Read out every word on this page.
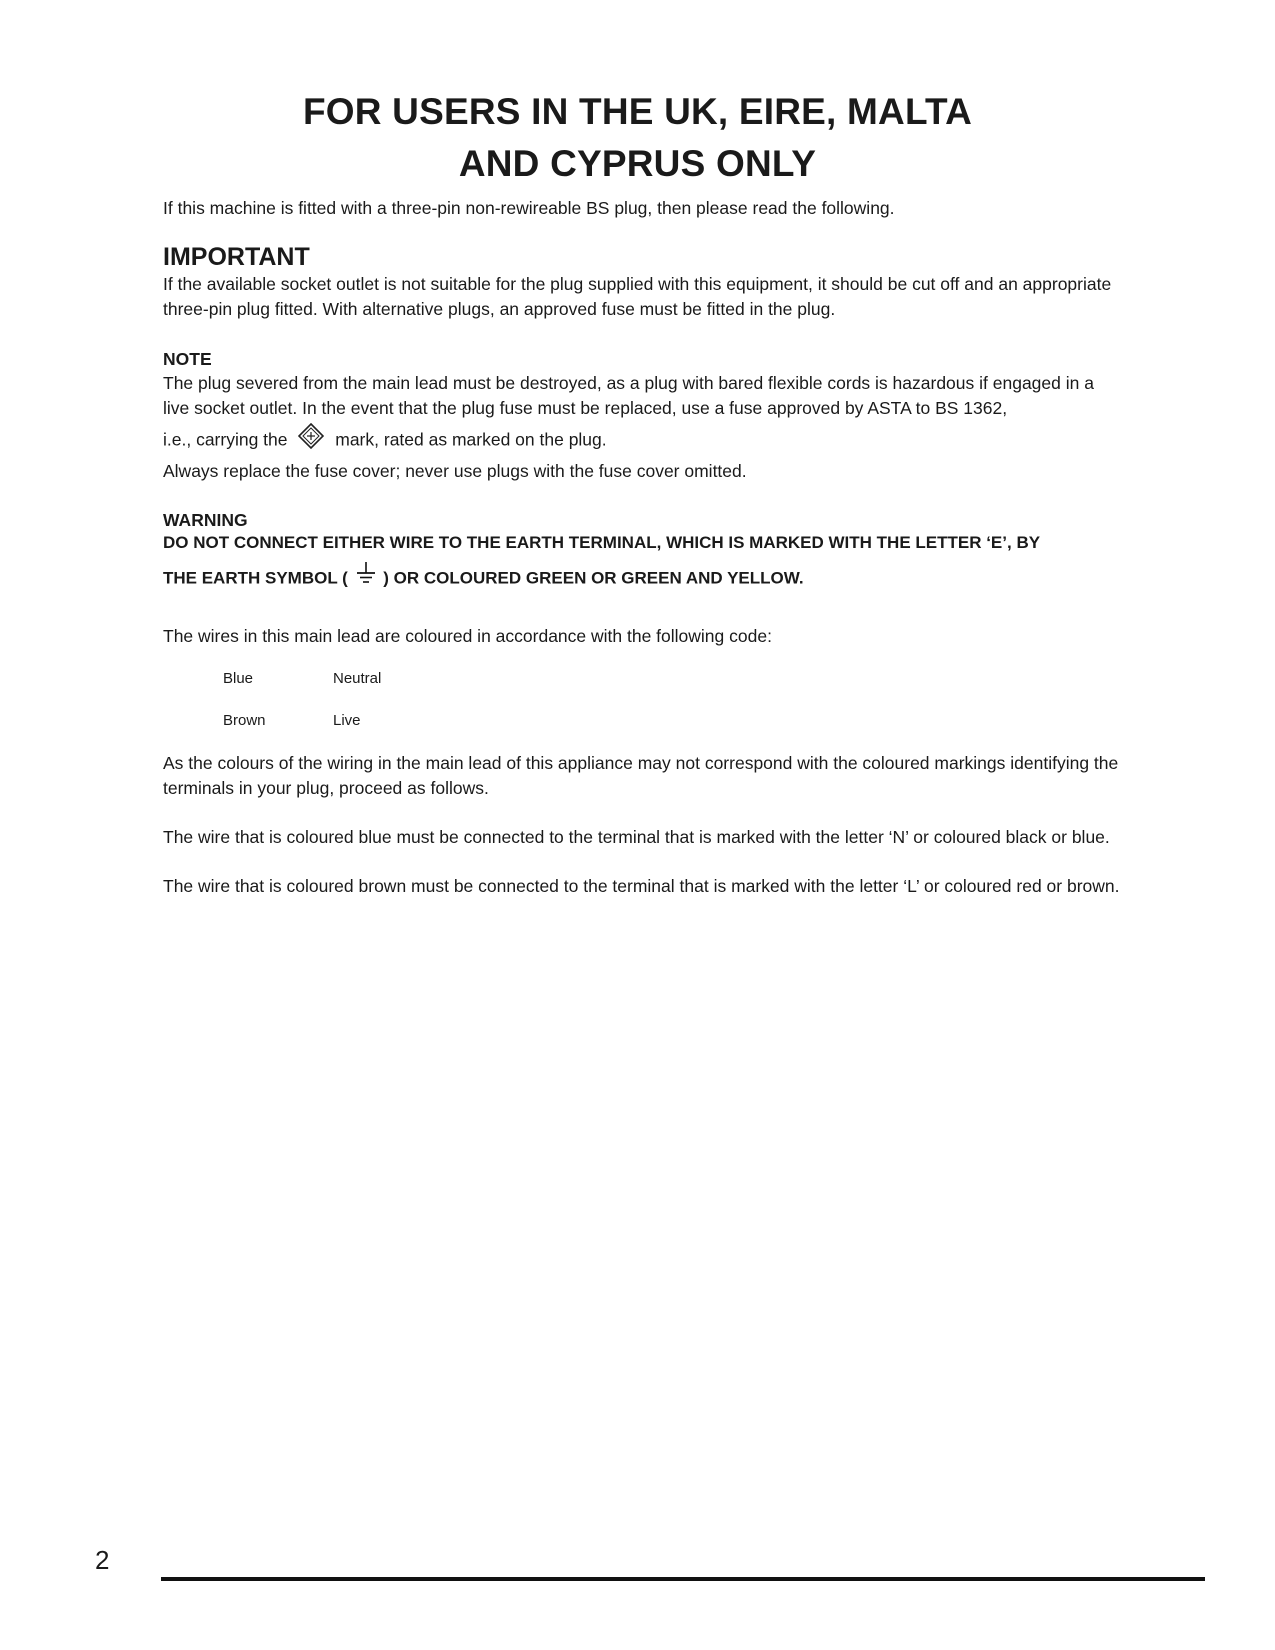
FOR USERS IN THE UK, EIRE, MALTA
AND CYPRUS ONLY

If this machine is fitted with a three-pin non-rewireable BS plug, then please read the following.

IMPORTANT

If the available socket outlet is not suitable for the plug supplied with this equipment, it should be cut off and an appropriate three-pin plug fitted. With alternative plugs, an approved fuse must be fitted in the plug.

NOTE

The plug severed from the main lead must be destroyed, as a plug with bared flexible cords is hazardous if engaged in a live socket outlet. In the event that the plug fuse must be replaced, use a fuse approved by ASTA to BS 1362,

i.e., carrying the	mark, rated as marked on the plug.

Always replace the fuse cover; never use plugs with the fuse cover omitted.

WARNING

DO NOT CONNECT EITHER WIRE TO THE EARTH TERMINAL, WHICH IS MARKED WITH THE LETTER ‘E’, BY

THE EARTH SYMBOL ( ) OR COLOURED GREEN OR GREEN AND YELLOW.

The wires in this main lead are coloured in accordance with the following code:

Blue	Neutral
Brown	Live

As the colours of the wiring in the main lead of this appliance may not correspond with the coloured markings identifying the terminals in your plug, proceed as follows.

The wire that is coloured blue must be connected to the terminal that is marked with the letter ‘N’ or coloured black or blue.

The wire that is coloured brown must be connected to the terminal that is marked with the letter ‘L’ or coloured red or brown.

2
